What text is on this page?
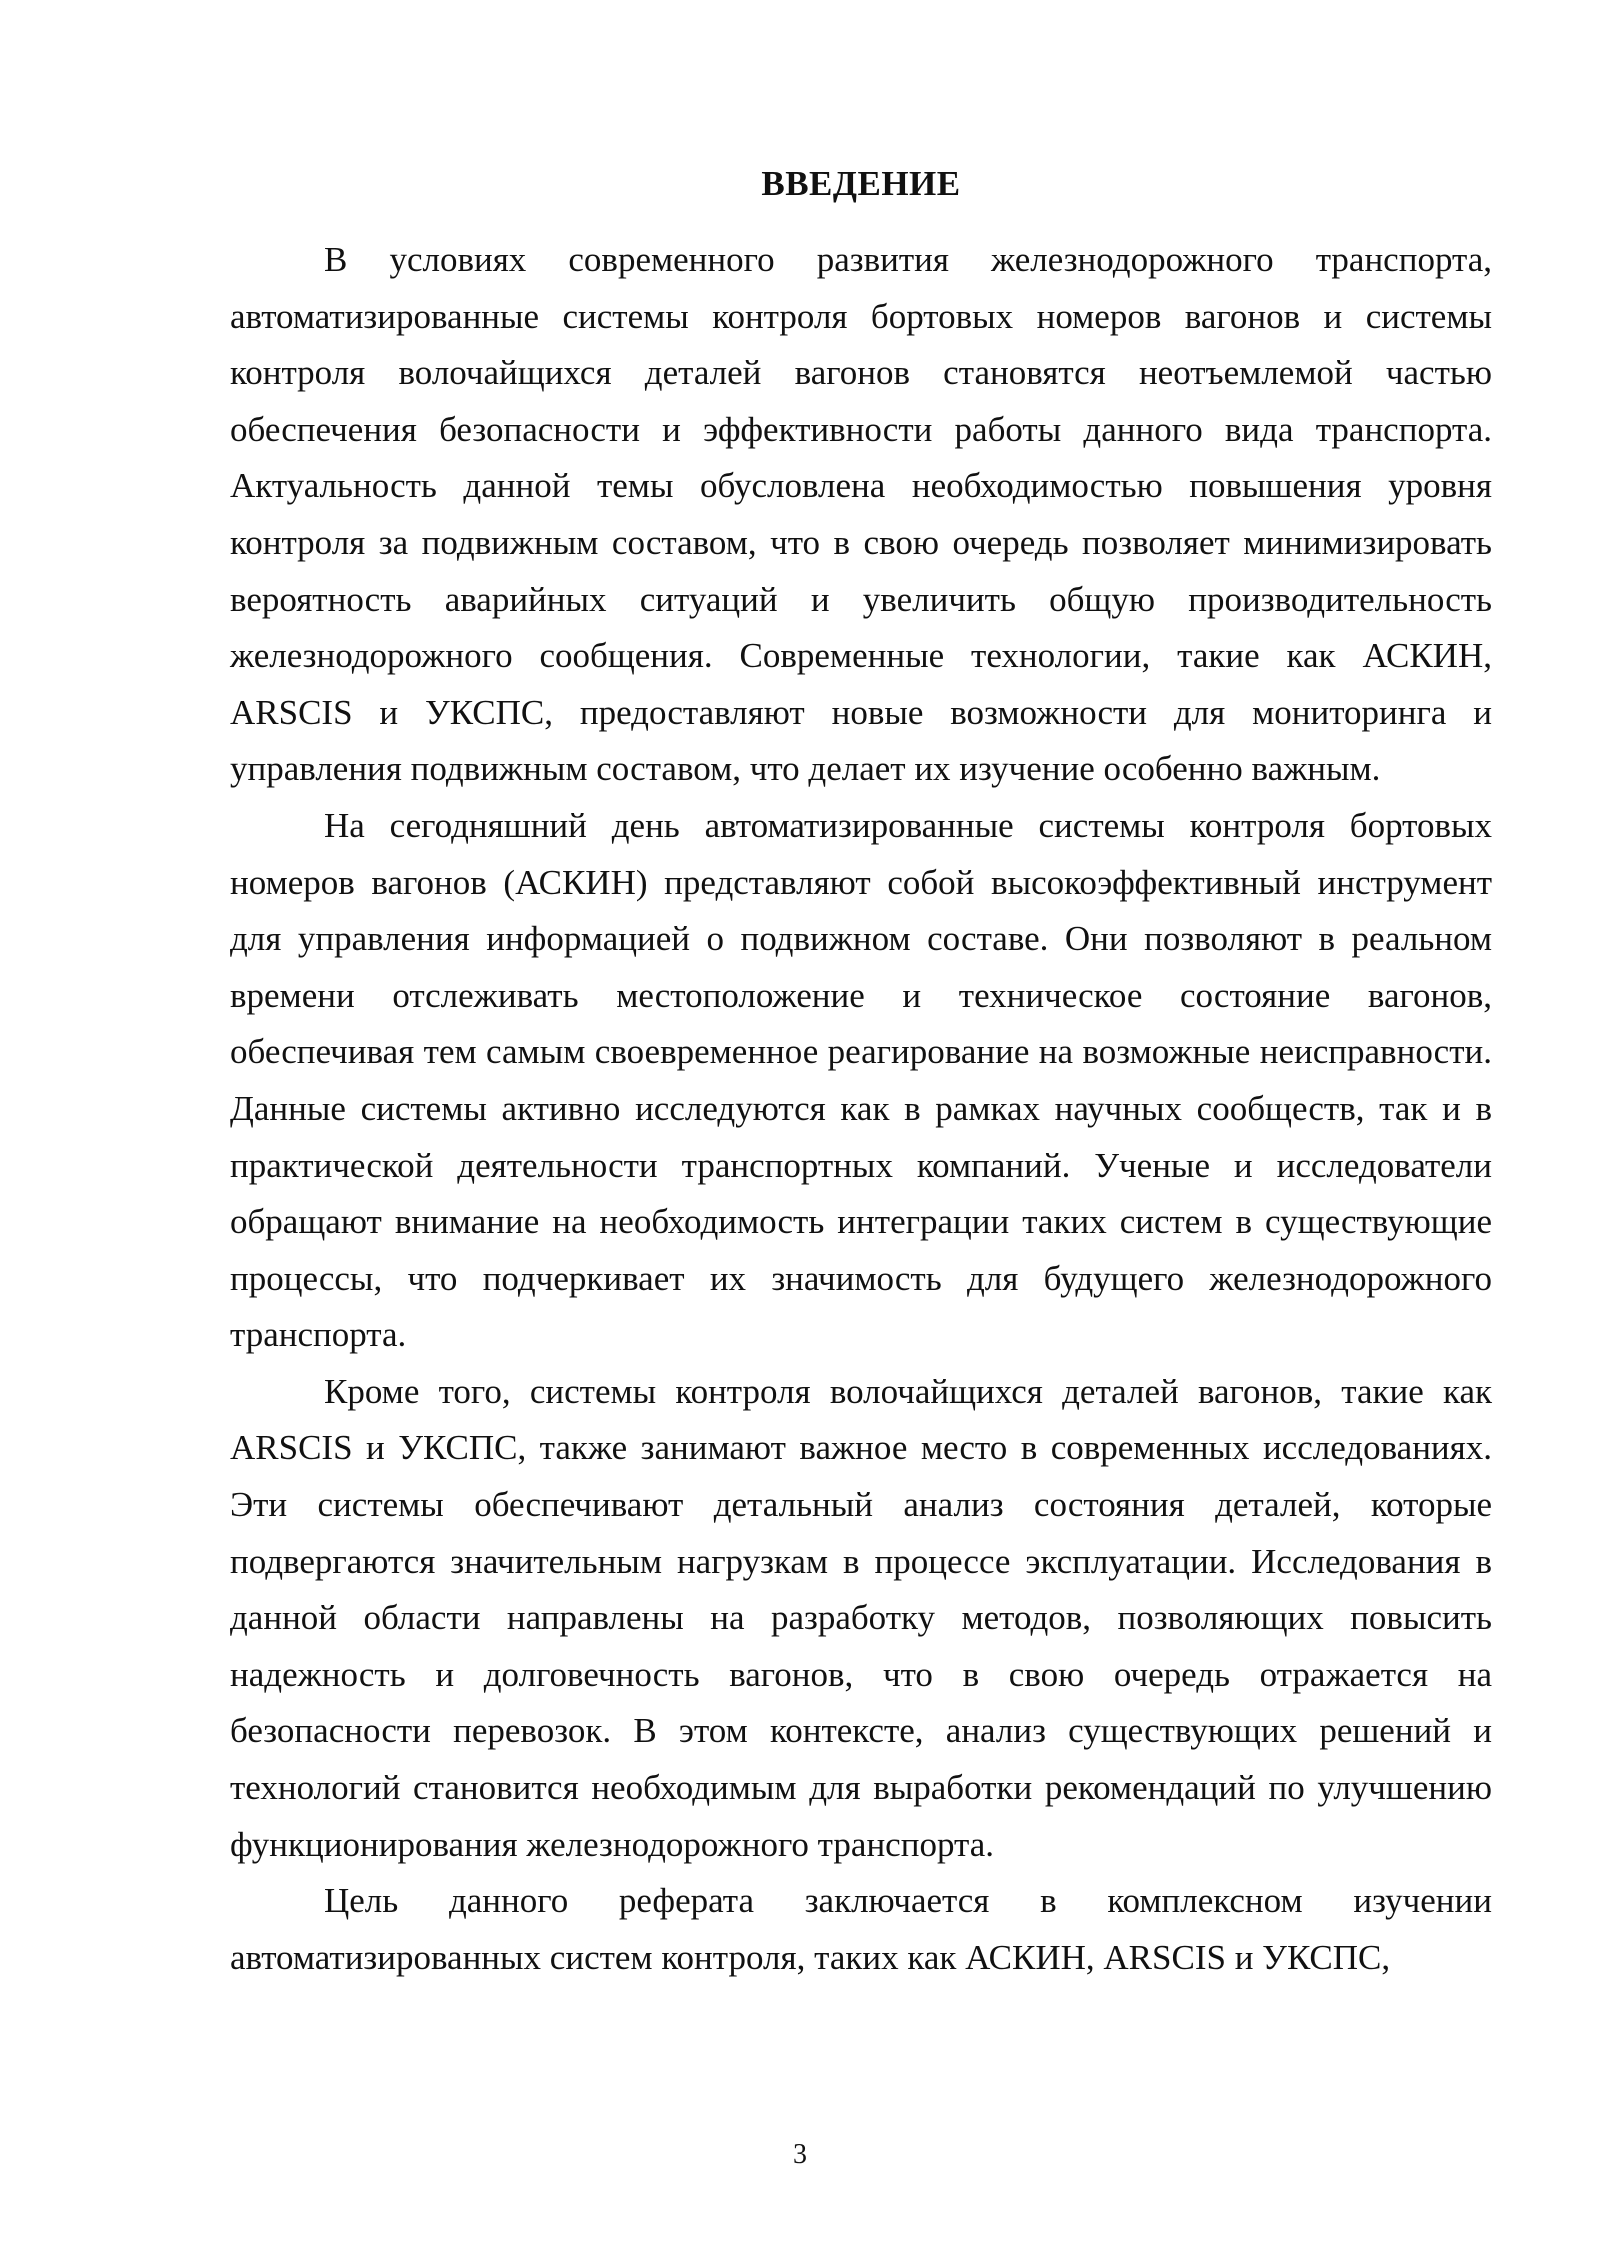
ВВЕДЕНИЕ

В условиях современного развития железнодорожного транспорта, автоматизированные системы контроля бортовых номеров вагонов и системы контроля волочайщихся деталей вагонов становятся неотъемлемой частью обеспечения безопасности и эффективности работы данного вида транспорта. Актуальность данной темы обусловлена необходимостью повышения уровня контроля за подвижным составом, что в свою очередь позволяет минимизировать вероятность аварийных ситуаций и увеличить общую производительность железнодорожного сообщения. Современные технологии, такие как АСКИН, ARSCIS и УКСПС, предоставляют новые возможности для мониторинга и управления подвижным составом, что делает их изучение особенно важным.

На сегодняшний день автоматизированные системы контроля бортовых номеров вагонов (АСКИН) представляют собой высокоэффективный инструмент для управления информацией о подвижном составе. Они позволяют в реальном времени отслеживать местоположение и техническое состояние вагонов, обеспечивая тем самым своевременное реагирование на возможные неисправности. Данные системы активно исследуются как в рамках научных сообществ, так и в практической деятельности транспортных компаний. Ученые и исследователи обращают внимание на необходимость интеграции таких систем в существующие процессы, что подчеркивает их значимость для будущего железнодорожного транспорта.

Кроме того, системы контроля волочайщихся деталей вагонов, такие как ARSCIS и УКСПС, также занимают важное место в современных исследованиях. Эти системы обеспечивают детальный анализ состояния деталей, которые подвергаются значительным нагрузкам в процессе эксплуатации. Исследования в данной области направлены на разработку методов, позволяющих повысить надежность и долговечность вагонов, что в свою очередь отражается на безопасности перевозок. В этом контексте, анализ существующих решений и технологий становится необходимым для выработки рекомендаций по улучшению функционирования железнодорожного транспорта.

Цель данного реферата заключается в комплексном изучении автоматизированных систем контроля, таких как АСКИН, ARSCIS и УКСПС,

3
